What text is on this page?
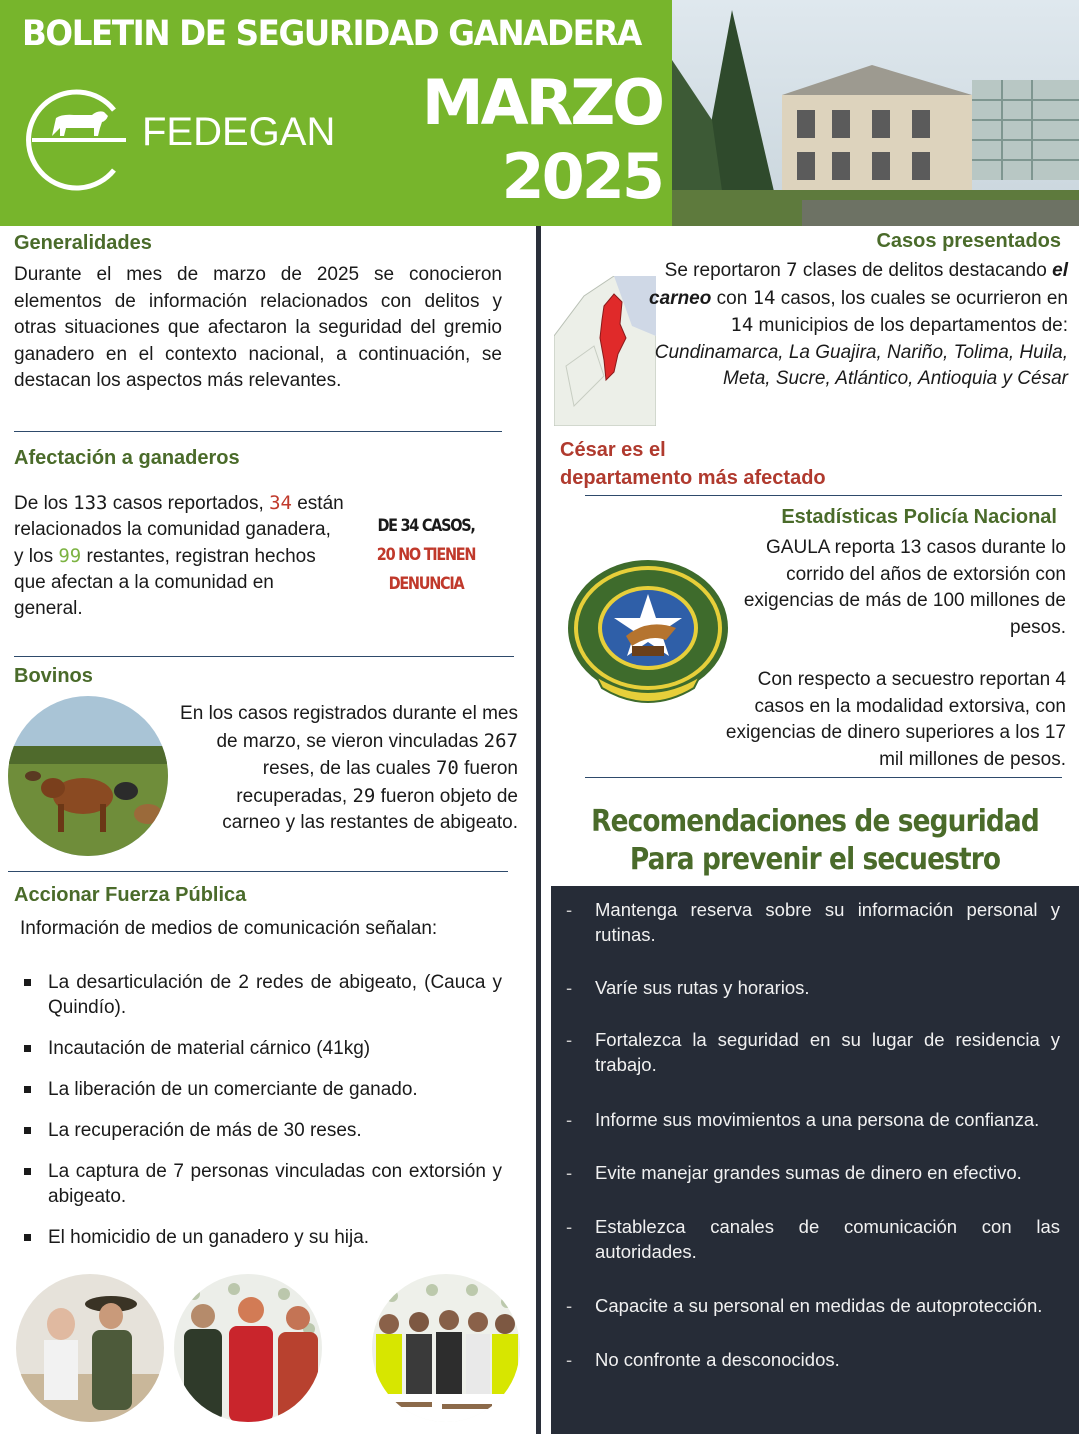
BOLETIN DE SEGURIDAD GANADERA
MARZO
2025
FEDEGAN
Generalidades
Durante el mes de marzo de 2025 se conocieron elementos de información relacionados con delitos y otras situaciones que afectaron la seguridad del gremio ganadero en el contexto nacional, a continuación, se destacan los aspectos más relevantes.
Afectación a ganaderos
De los 133 casos reportados, 34 están relacionados la comunidad ganadera, y los 99 restantes, registran hechos que afectan a la comunidad en general.
DE 34 CASOS,
20 NO TIENEN DENUNCIA
Bovinos
En los casos registrados durante el mes de marzo, se vieron vinculadas 267 reses, de las cuales 70 fueron recuperadas, 29 fueron objeto de carneo y las restantes de abigeato.
Accionar Fuerza Pública
Información de medios de comunicación señalan:
La desarticulación de 2 redes de abigeato, (Cauca y Quindío).
Incautación de material cárnico (41kg)
La liberación de un comerciante de ganado.
La recuperación de más de 30 reses.
La captura de 7 personas vinculadas con extorsión y abigeato.
El homicidio de un ganadero y su hija.
Casos presentados
Se reportaron 7 clases de delitos destacando el carneo con 14 casos, los cuales se ocurrieron en 14 municipios de los departamentos de: Cundinamarca, La Guajira, Nariño, Tolima, Huila, Meta, Sucre, Atlántico, Antioquia y César
César es el
departamento más afectado
Estadísticas Policía Nacional
GAULA reporta 13 casos durante lo corrido del años de extorsión con exigencias de más de 100 millones de pesos.
Con respecto a secuestro reportan 4 casos en la modalidad extorsiva, con exigencias de dinero superiores a los 17 mil millones de pesos.
Recomendaciones de seguridad
Para prevenir el secuestro
- Mantenga reserva sobre su información personal y rutinas.
- Varíe sus rutas y horarios.
- Fortalezca la seguridad en su lugar de residencia y trabajo.
- Informe sus movimientos a una persona de confianza.
- Evite manejar grandes sumas de dinero en efectivo.
- Establezca canales de comunicación con las autoridades.
- Capacite a su personal en medidas de autoprotección.
- No confronte a desconocidos.
